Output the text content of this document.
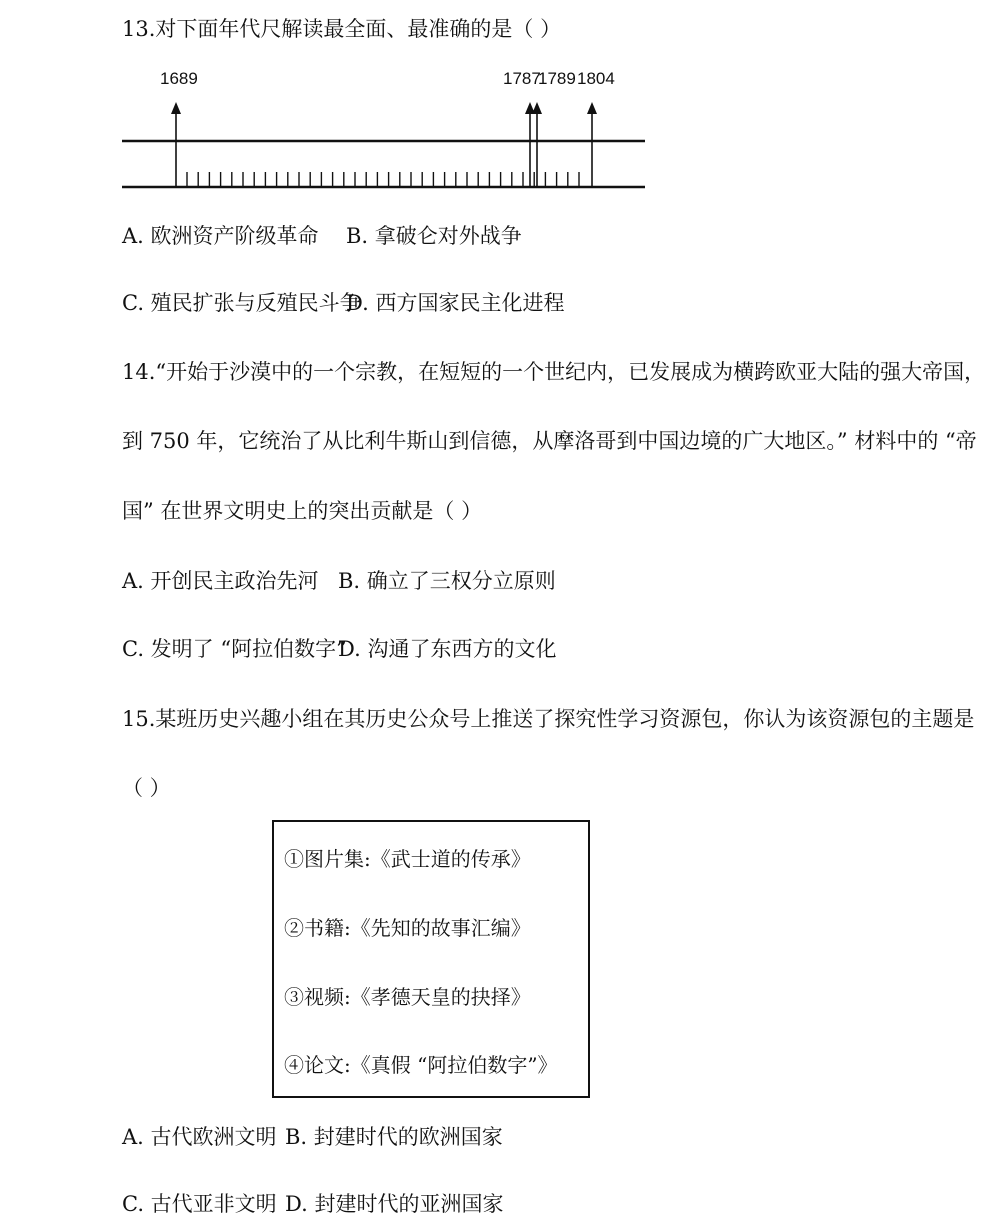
13.对下面年代尺解读最全面、最准确的是（ ）
1689	1787
1789 1804
A. 欧洲资产阶级革命 B. 拿破仑对外战争
C. 殖民扩张与反殖民斗争
D. 西方国家民主化进程
14.“开始于沙漠中的一个宗教，在短短的一个世纪内，已发展成为横跨欧亚大陆的强大帝国，
到 750 年，它统治了从比利牛斯山到信德，从摩洛哥到中国边境的广大地区。” 材料中的 “帝
国” 在世界文明史上的突出贡献是（ ）
A. 开创民主政治先河 B. 确立了三权分立原则
C. 发明了 “阿拉伯数字”
D. 沟通了东西方的文化
15.某班历史兴趣小组在其历史公众号上推送了探究性学习资源包，你认为该资源包的主题是
（ ）
①图片集:《武士道的传承》
②书籍:《先知的故事汇编》
③视频:《孝德天皇的抉择》
④论文:《真假 “阿拉伯数字”》
A. 古代欧洲文明 B. 封建时代的欧洲国家
C. 古代亚非文明 D. 封建时代的亚洲国家
